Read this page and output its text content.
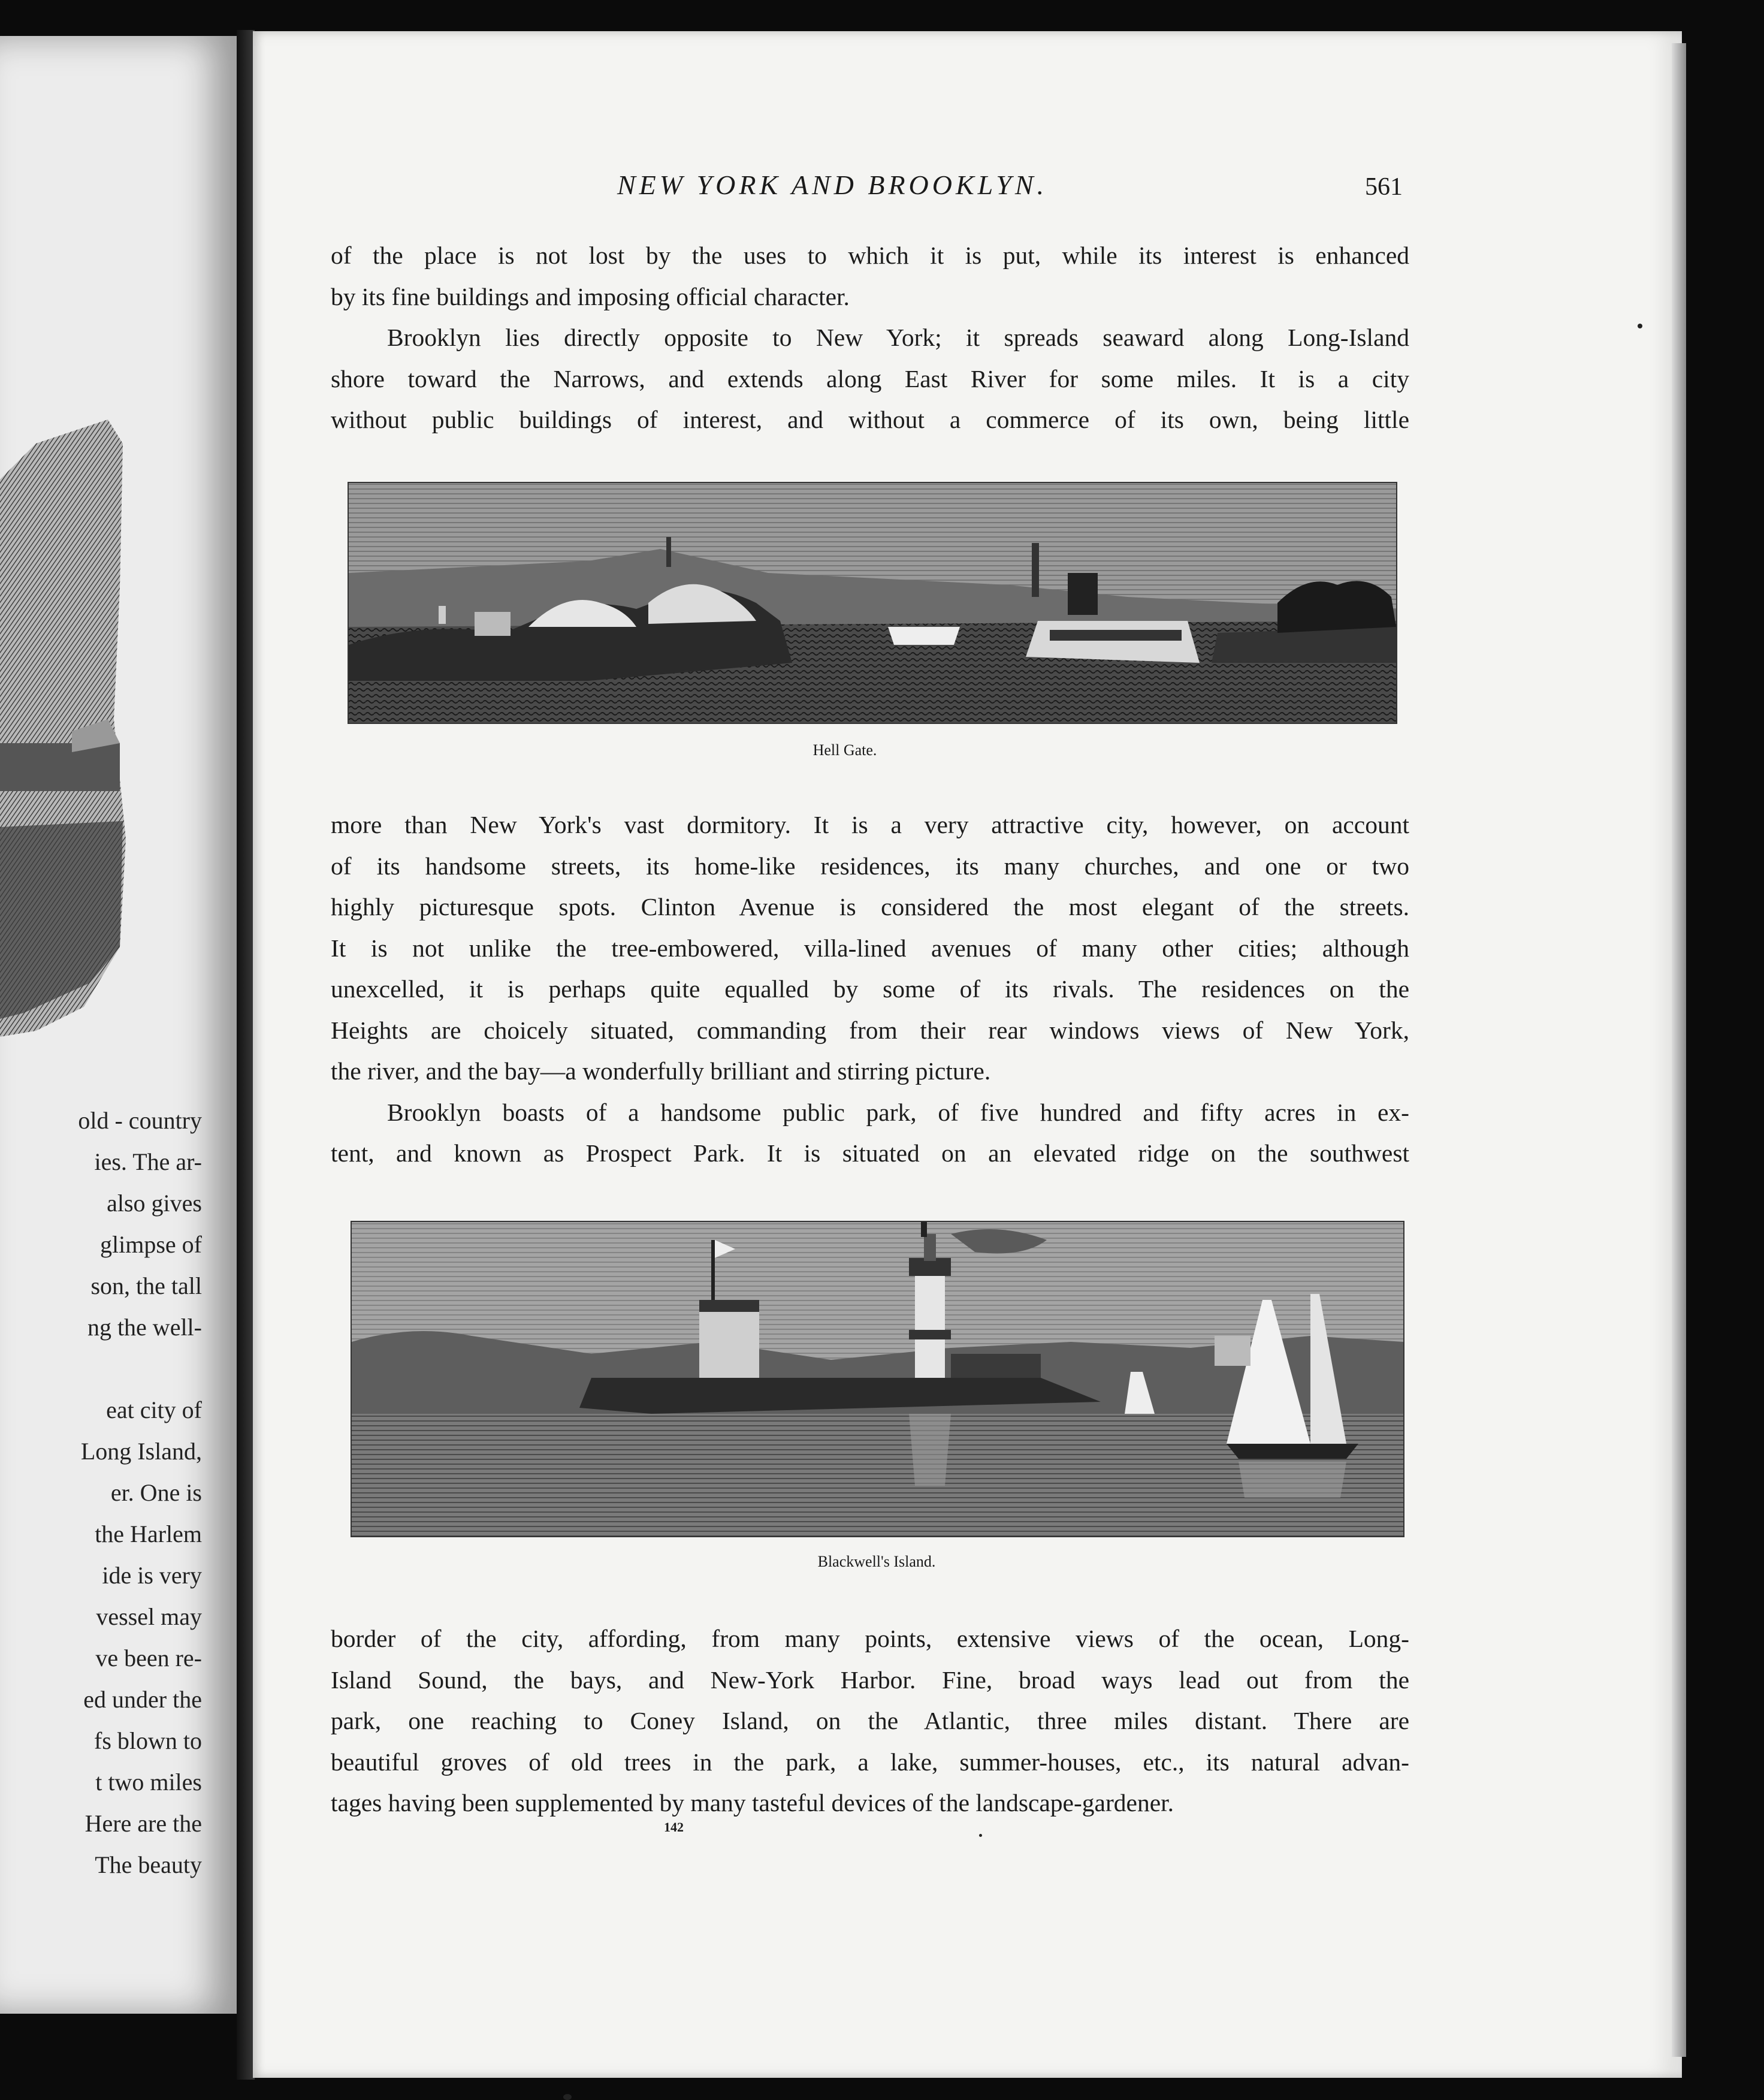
old - country
ies. The ar-
also gives
glimpse of
son, the tall
ng the well-
eat city of
Long Island,
er. One is
the Harlem
ide is very
vessel may
ve been re-
ed under the
fs blown to
t two miles
Here are the
The beauty
NEW YORK AND BROOKLYN.	561
of the place is not lost by the uses to which it is put, while its interest is enhanced
by its fine buildings and imposing official character.
Brooklyn lies directly opposite to New York; it spreads seaward along Long-Island
shore toward the Narrows, and extends along East River for some miles. It is a city
without public buildings of interest, and without a commerce of its own, being little
Hell Gate.
more than New York's vast dormitory. It is a very attractive city, however, on account
of its handsome streets, its home-like residences, its many churches, and one or two
highly picturesque spots. Clinton Avenue is considered the most elegant of the streets.
It is not unlike the tree-embowered, villa-lined avenues of many other cities; although
unexcelled, it is perhaps quite equalled by some of its rivals. The residences on the
Heights are choicely situated, commanding from their rear windows views of New York,
the river, and the bay—a wonderfully brilliant and stirring picture.
Brooklyn boasts of a handsome public park, of five hundred and fifty acres in ex-
tent, and known as Prospect Park. It is situated on an elevated ridge on the southwest
Blackwell's Island.
border of the city, affording, from many points, extensive views of the ocean, Long-
Island Sound, the bays, and New-York Harbor. Fine, broad ways lead out from the
park, one reaching to Coney Island, on the Atlantic, three miles distant. There are
beautiful groves of old trees in the park, a lake, summer-houses, etc., its natural advan-
tages having been supplemented by many tasteful devices of the landscape-gardener.
142
